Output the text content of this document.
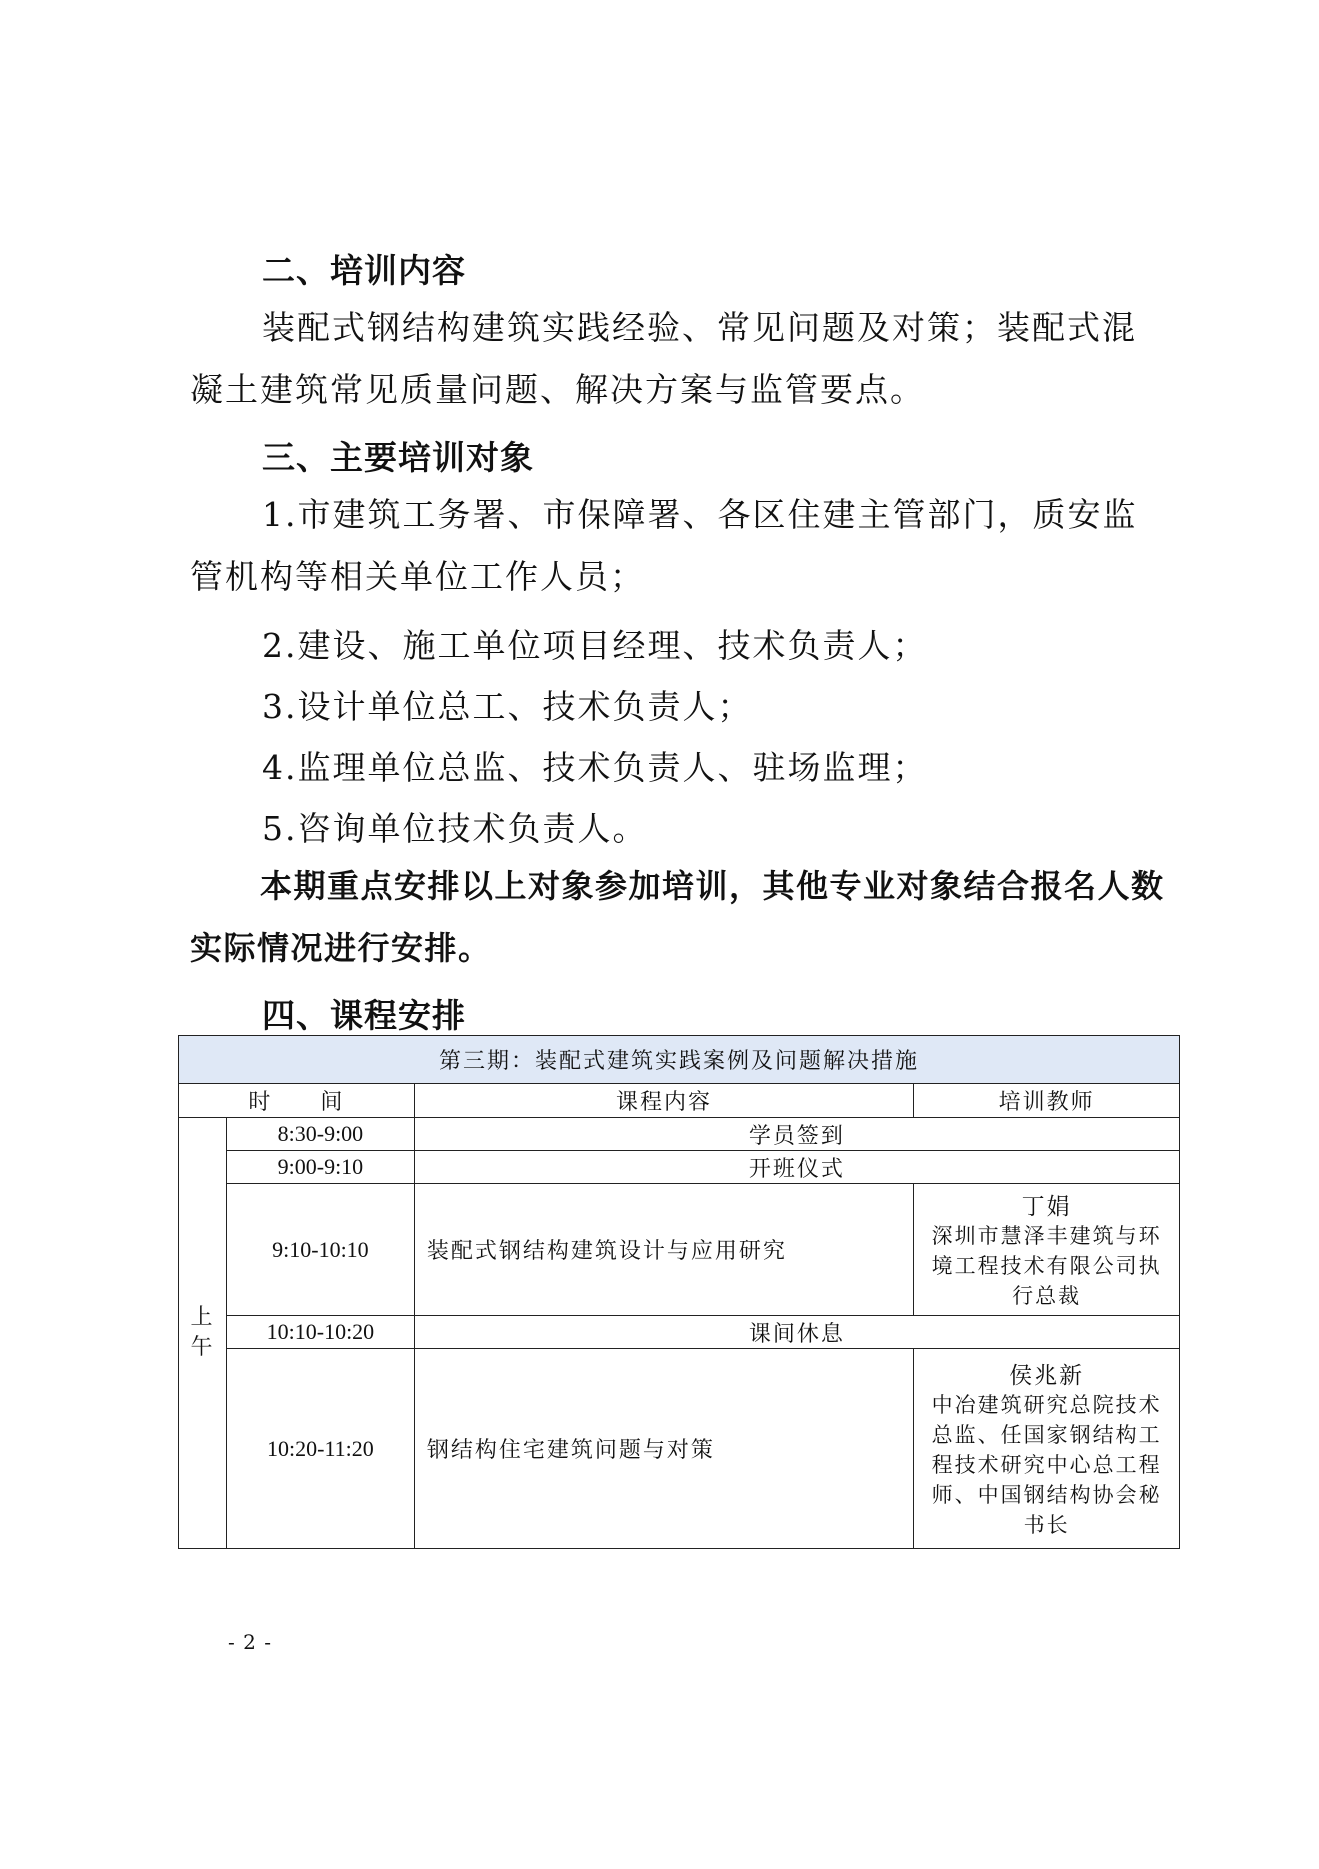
二、培训内容

装配式钢结构建筑实践经验、常见问题及对策；装配式混凝土建筑常见质量问题、解决方案与监管要点。

三、主要培训对象

1.市建筑工务署、市保障署、各区住建主管部门，质安监管机构等相关单位工作人员；

2.建设、施工单位项目经理、技术负责人；
3.设计单位总工、技术负责人；
4.监理单位总监、技术负责人、驻场监理；
5.咨询单位技术负责人。

本期重点安排以上对象参加培训，其他专业对象结合报名人数实际情况进行安排。

四、课程安排
第三期：装配式建筑实践案例及问题解决措施			
时　　间		课程内容	培训教师
上午	8:30-9:00	学员签到	
	9:00-9:10	开班仪式	
	9:10-10:10	装配式钢结构建筑设计与应用研究	丁娟
深圳市慧泽丰建筑与环境工程技术有限公司执行总裁

	10:10-10:20	课间休息	
	10:20-11:20	钢结构住宅建筑问题与对策	侯兆新
中冶建筑研究总院技术总监、任国家钢结构工程技术研究中心总工程师、中国钢结构协会秘书长
- 2 -
